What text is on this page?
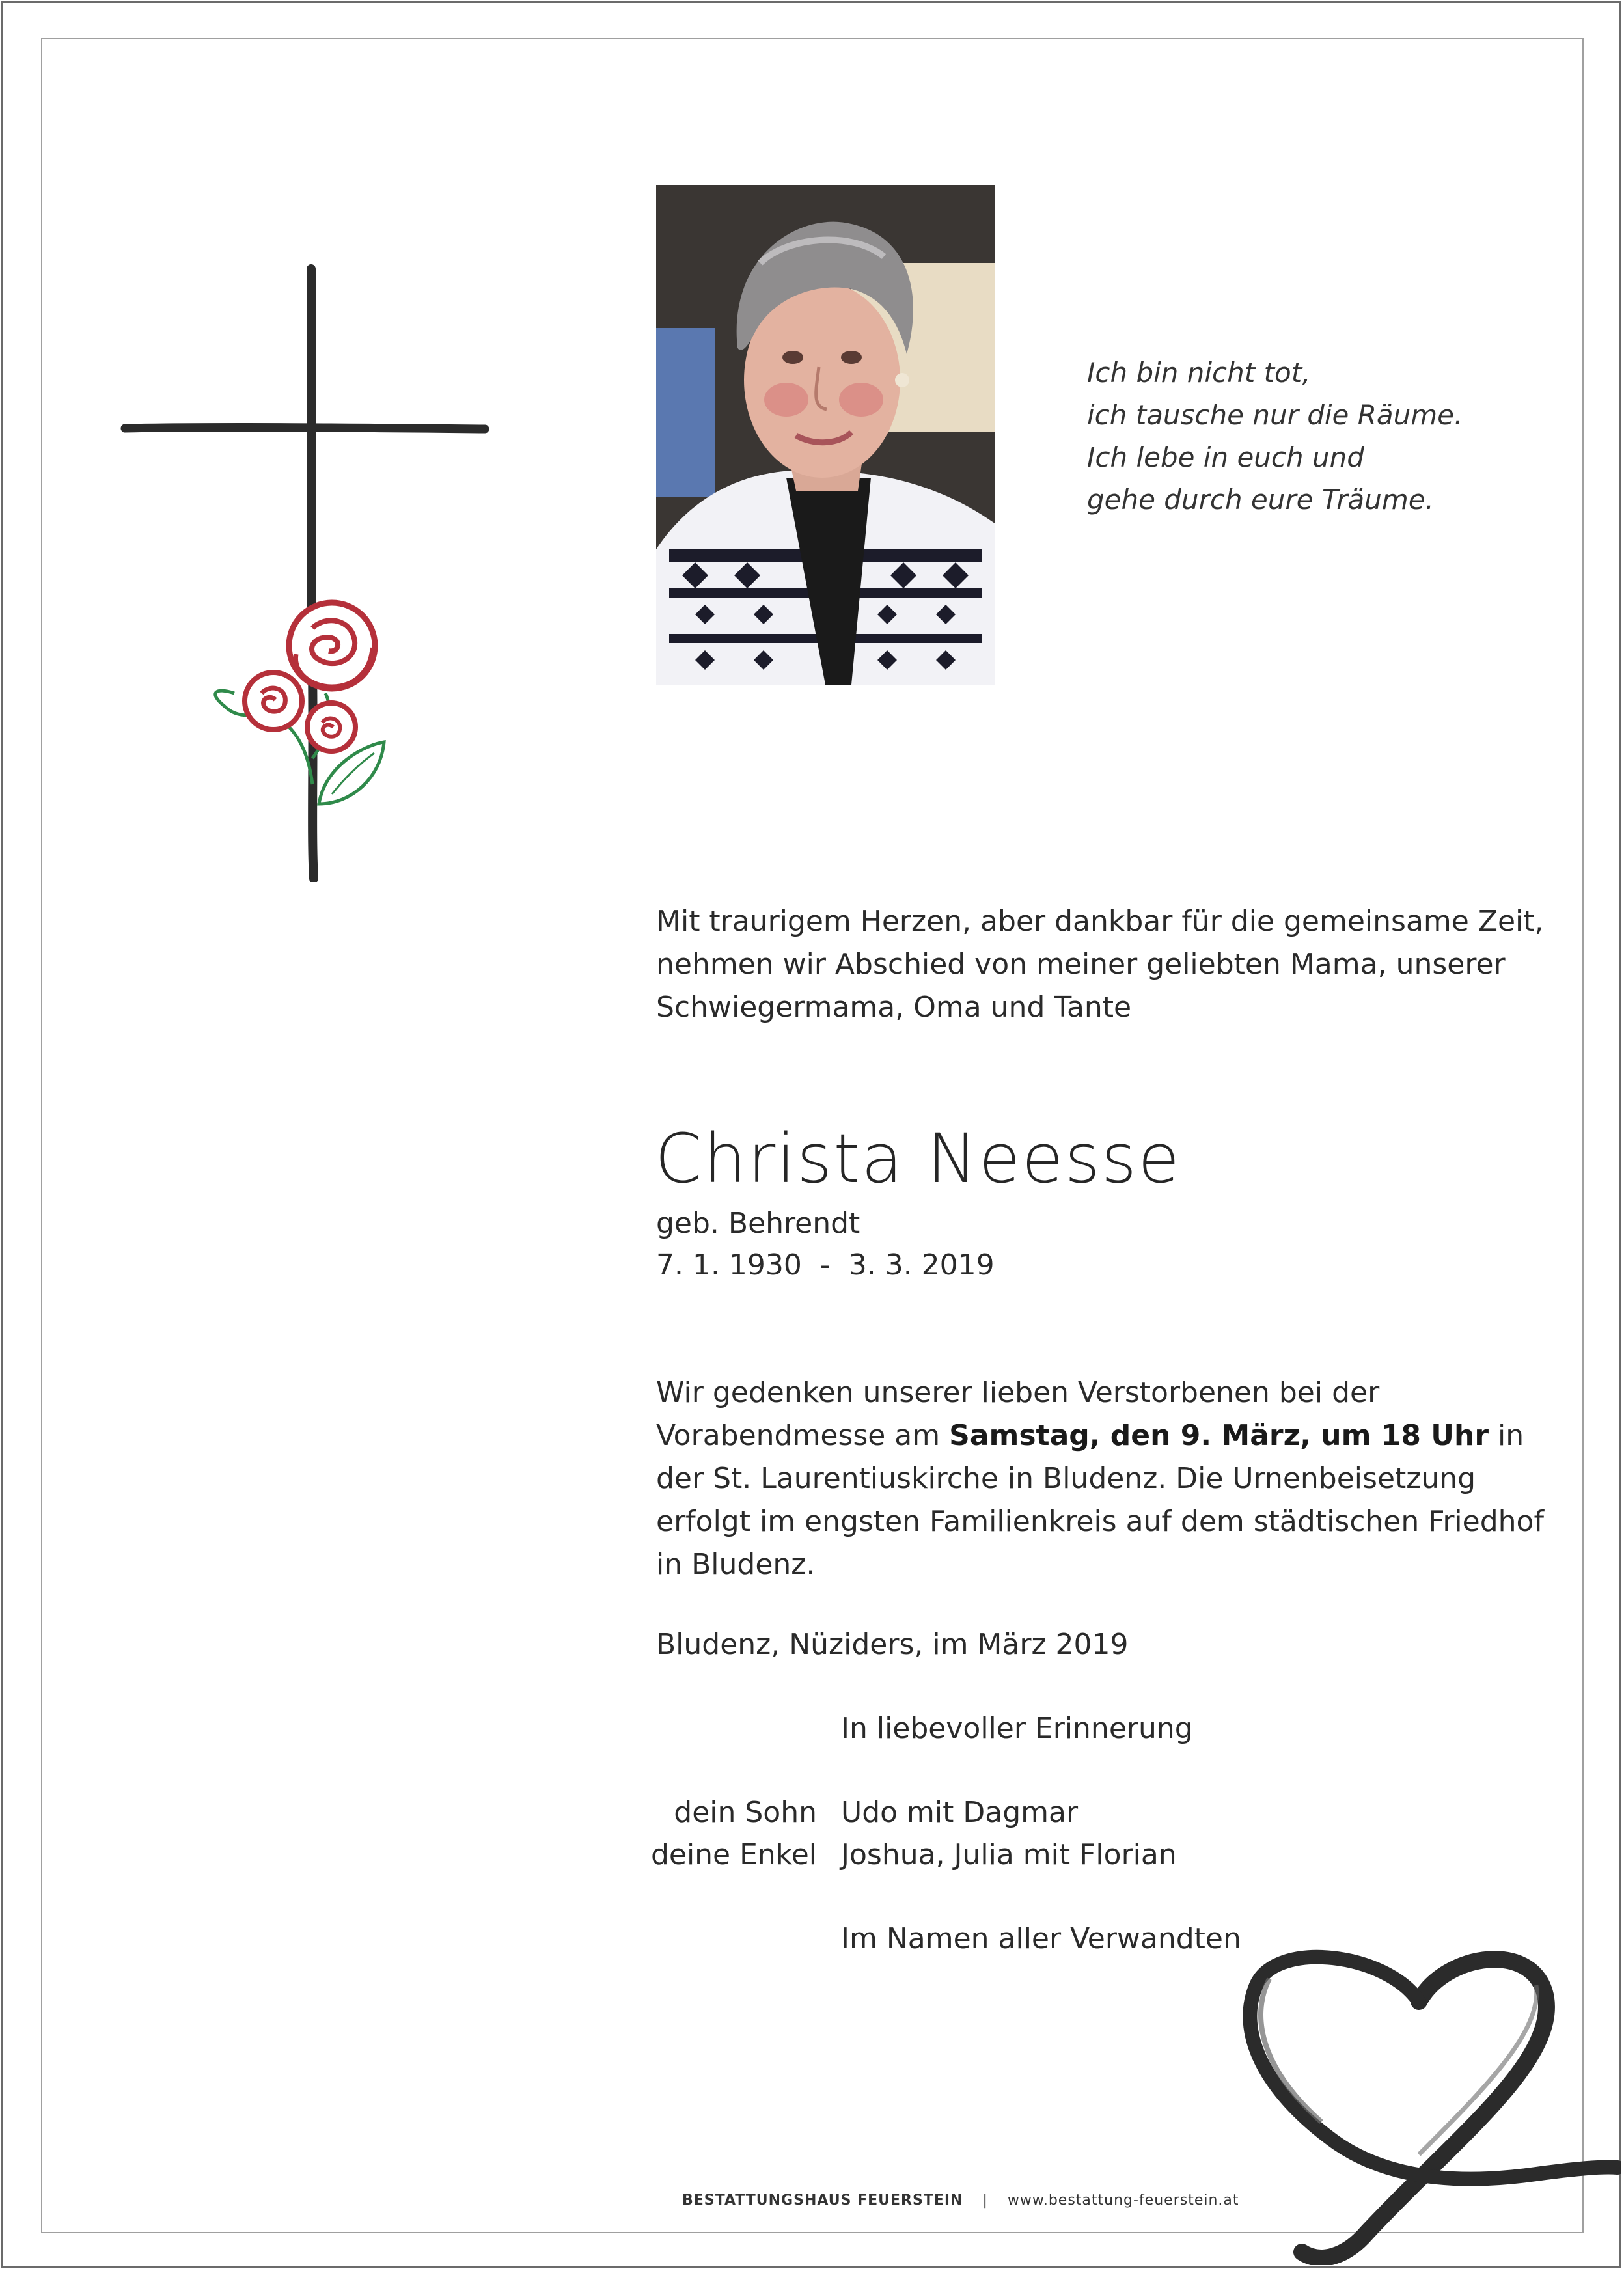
Ich bin nicht tot,
ich tausche nur die Räume.
Ich lebe in euch und
gehe durch eure Träume.
Mit traurigem Herzen, aber dankbar für die gemeinsame Zeit,
nehmen wir Abschied von meiner geliebten Mama, unserer
Schwiegermama, Oma und Tante
Christa Neesse
geb. Behrendt
7. 1. 1930  -  3. 3. 2019
Wir gedenken unserer lieben Verstorbenen bei der
Vorabendmesse am Samstag, den 9. März, um 18 Uhr in
der St. Laurentiuskirche in Bludenz. Die Urnenbeisetzung
erfolgt im engsten Familienkreis auf dem städtischen Friedhof
in Bludenz.
Bludenz, Nüziders, im März 2019
In liebevoller Erinnerung
dein Sohn Udo mit Dagmar
deine Enkel Joshua, Julia mit Florian
Im Namen aller Verwandten
BESTATTUNGSHAUS FEUERSTEIN | www.bestattung-feuerstein.at
